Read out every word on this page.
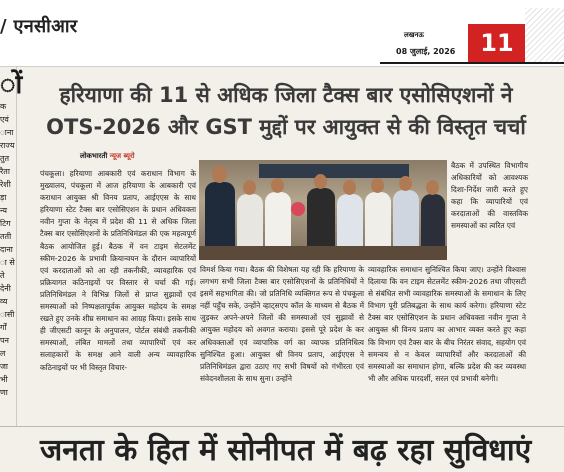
/ एनसीआर	लखनऊ
08 जुलाई, 2026	11
ों
क
एवं
ाना
राज्य
तुत
रैता
रेशी
ड़ा
न्य
टिग
तती
दाना
ा से
ते
देनी
व्य
ासी
र्गों
पन
ल
जा
भी
णा
हरियाणा की 11 से अधिक जिला टैक्स बार एसोसिएशनों ने
OTS-2026 और GST मुद्दों पर आयुक्त से की विस्तृत चर्चा
लोकभारती न्यूज ब्यूरो
पंचकूला। हरियाणा आबकारी एवं कराधान विभाग के मुख्यालय, पंचकूला में आज हरियाणा के आबकारी एवं कराधान आयुक्त श्री विनय प्रताप, आईएएस के साथ हरियाणा स्टेट टैक्स बार एसोसिएशन के प्रधान अधिवक्ता नवीन गुप्ता के नेतृत्व में प्रदेश की 11 से अधिक जिला टैक्स बार एसोसिएशनों के प्रतिनिधिमंडल की एक महत्वपूर्ण बैठक आयोजित हुई। बैठक में वन टाइम सेटलमेंट स्कीम-2026 के प्रभावी क्रियान्वयन के दौरान व्यापारियों एवं करदाताओं को आ रही तकनीकी, व्यावहारिक एवं प्रक्रियागत कठिनाइयों पर विस्तार से चर्चा की गई। प्रतिनिधिमंडल ने विभिन्न जिलों से प्राप्त सुझावों एवं समस्याओं को निष्पक्षतापूर्वक आयुक्त महोदय के समक्ष रखते हुए उनके शीघ्र समाधान का आग्रह किया। इसके साथ ही जीएसटी कानून के अनुपालन, पोर्टल संबंधी तकनीकी समस्याओं, लंबित मामलों तथा व्यापारियों एवं कर सलाहकारों के समक्ष आने वाली अन्य व्यावहारिक कठिनाइयों पर भी विस्तृत विचार-
बैठक में उपस्थित विभागीय अधिकारियों को आवश्यक दिशा-निर्देश जारी करते हुए कहा कि व्यापारियों एवं करदाताओं की वास्तविक समस्याओं का त्वरित एवं
विमर्श किया गया। बैठक की विशेषता यह रही कि हरियाणा के लगभग सभी जिला टैक्स बार एसोसिएशनों के प्रतिनिधियों ने इसमें सहभागिता की। जो प्रतिनिधि व्यक्तिगत रूप से पंचकूला नहीं पहुँच सके, उन्होंने व्हाट्सएप कॉल के माध्यम से बैठक में जुड़कर अपने-अपने जिलों की समस्याओं एवं सुझावों से आयुक्त महोदय को अवगत कराया। इससे पूरे प्रदेश के कर अधिवक्ताओं एवं व्यापारिक वर्ग का व्यापक प्रतिनिधित्व सुनिश्चित हुआ। आयुक्त श्री विनय प्रताप, आईएएस ने प्रतिनिधिमंडल द्वारा उठाए गए सभी विषयों को गंभीरता एवं संवेदनशीलता के साथ सुना। उन्होंने
व्यावहारिक समाधान सुनिश्चित किया जाए। उन्होंने विश्वास दिलाया कि वन टाइम सेटलमेंट स्कीम-2026 तथा जीएसटी से संबंधित सभी व्यावहारिक समस्याओं के समाधान के लिए विभाग पूरी प्रतिबद्धता के साथ कार्य करेगा। हरियाणा स्टेट टैक्स बार एसोसिएशन के प्रधान अधिवक्ता नवीन गुप्ता ने आयुक्त श्री विनय प्रताप का आभार व्यक्त करते हुए कहा कि विभाग एवं टैक्स बार के बीच निरंतर संवाद, सहयोग एवं समन्वय से न केवल व्यापारियों और करदाताओं की समस्याओं का समाधान होगा, बल्कि प्रदेश की कर व्यवस्था भी और अधिक पारदर्शी, सरल एवं प्रभावी बनेगी।
जनता के हित में सोनीपत में बढ़ रहा सुविधाएं
